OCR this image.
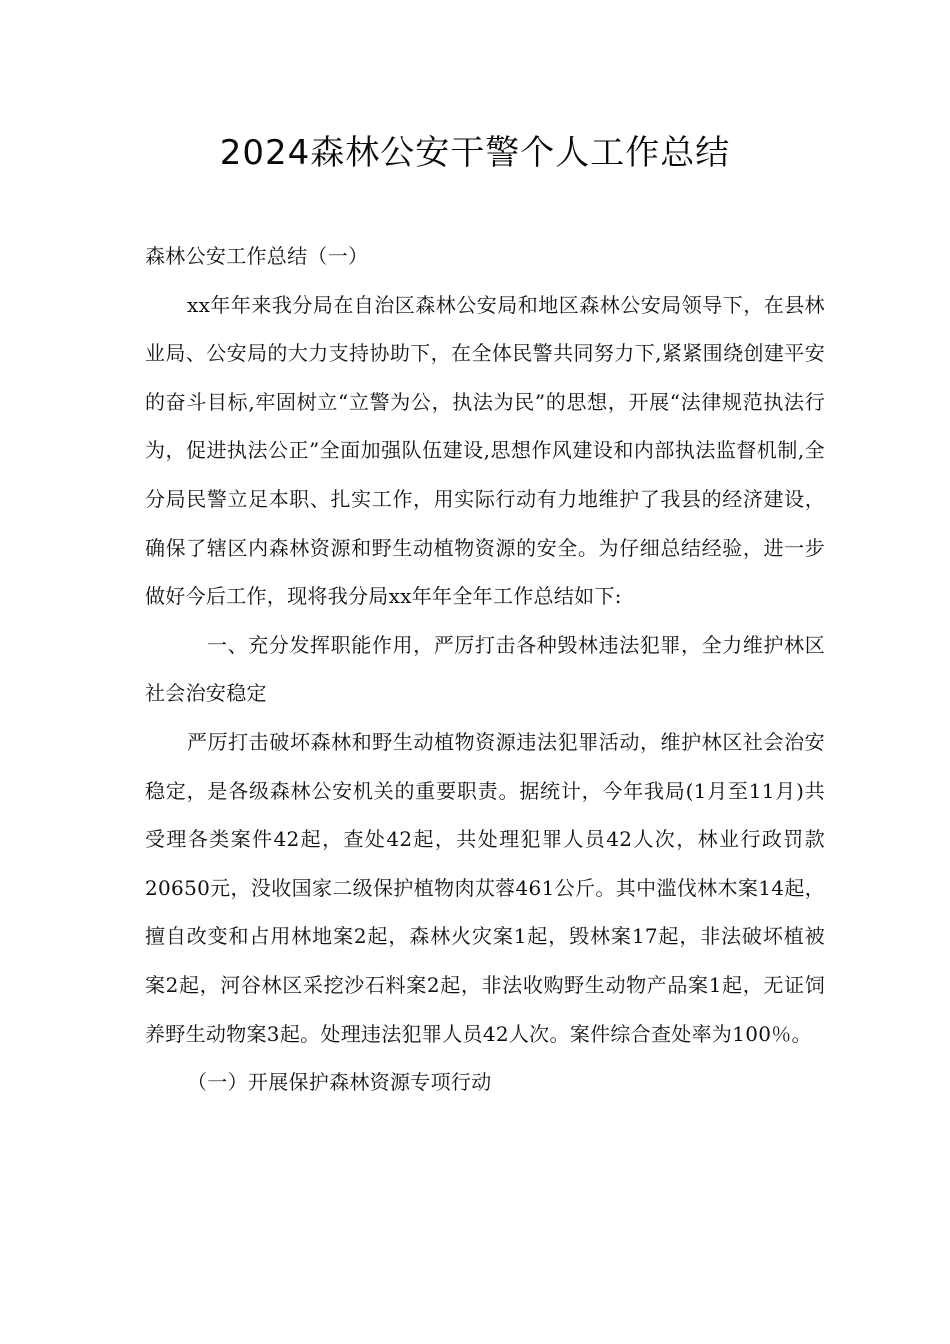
2024森林公安干警个人工作总结

森林公安工作总结（一）

xx年年来我分局在自治区森林公安局和地区森林公安局领导下，在县林业局、公安局的大力支持协助下，在全体民警共同努力下,紧紧围绕创建平安的奋斗目标,牢固树立“立警为公，执法为民”的思想，开展“法律规范执法行为，促进执法公正”全面加强队伍建设,思想作风建设和内部执法监督机制,全分局民警立足本职、扎实工作，用实际行动有力地维护了我县的经济建设，确保了辖区内森林资源和野生动植物资源的安全。为仔细总结经验，进一步做好今后工作，现将我分局xx年年全年工作总结如下:

一、充分发挥职能作用，严厉打击各种毁林违法犯罪，全力维护林区社会治安稳定

严厉打击破坏森林和野生动植物资源违法犯罪活动，维护林区社会治安稳定，是各级森林公安机关的重要职责。据统计，今年我局(1月至11月)共受理各类案件42起，查处42起，共处理犯罪人员42人次，林业行政罚款20650元，没收国家二级保护植物肉苁蓉461公斤。其中滥伐林木案14起，擅自改变和占用林地案2起，森林火灾案1起，毁林案17起，非法破坏植被案2起，河谷林区采挖沙石料案2起，非法收购野生动物产品案1起，无证饲养野生动物案3起。处理违法犯罪人员42人次。案件综合查处率为100％。

（一）开展保护森林资源专项行动
